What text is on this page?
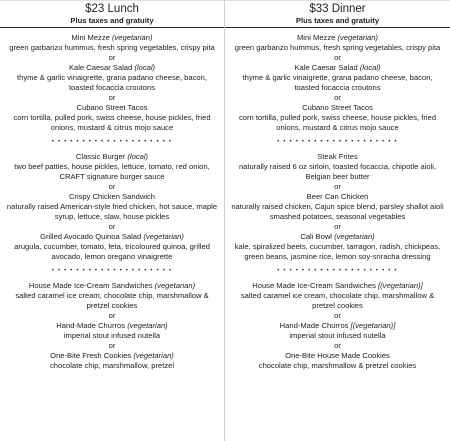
$23 Lunch
Plus taxes and gratuity
Mini Mezze (vegetarian)
green garbanzo hummus, fresh spring vegetables, crispy pita
or
Kale Caesar Salad (local)
thyme & garlic vinaigrette, grana padano cheese, bacon, toasted focaccia croutons
or
Cubano Street Tacos
corn tortilla, pulled pork, swiss cheese, house pickles, fried onions, mustard & citrus mojo sauce
• • • • • • • • • • • • • • • • • • • •
Classic Burger (local)
two beef patties, house pickles, lettuce, tomato, red onion, CRAFT signature burger sauce
or
Crispy Chicken Sandwich
naturally raised American-style fried chicken, hot sauce, maple syrup, lettuce, slaw, house pickles
or
Grilled Avocado Quinoa Salad (vegetarian)
arugula, cucumber, tomato, feta, tricoloured quinoa, grilled avocado, lemon oregano vinaigrette
• • • • • • • • • • • • • • • • • • • •
House Made Ice-Cream Sandwiches (vegetarian)
salted caramel ice cream, chocolate chip, marshmallow & pretzel cookies
or
Hand-Made Churros (vegetarian)
imperial stout infused nutella
or
One-Bite Fresh Cookies (vegetarian)
chocolate chip, marshmallow, pretzel
$33 Dinner
Plus taxes and gratuity
Mini Mezze (vegetarian)
green garbanzo hummus, fresh spring vegetables, crispy pita
or
Kale Caesar Salad (local)
thyme & garlic vinaigrette, grana padano cheese, bacon, toasted focaccia croutons
or
Cubano Street Tacos
corn tortilla, pulled pork, swiss cheese, house pickles, fried onions, mustard & citrus mojo sauce
• • • • • • • • • • • • • • • • • • • •
Steak Frites
naturally raised 6 oz sirloin, toasted focaccia, chipotle aioli, Belgian beer butter
or
Beer Can Chicken
naturally raised chicken, Cajun spice blend, parsley shallot aioli smashed potatoes, seasonal vegetables
or
Cali Bowl (vegetarian)
kale, spiralized beets, cucumber, tarragon, radish, chickpeas, green beans, jasmine rice, lemon soy-sriracha dressing
• • • • • • • • • • • • • • • • • • • •
House Made Ice-Cream Sandwiches [(vegetarian)]
salted caramel ice cream, chocolate chip, marshmallow & pretzel cookies
or
Hand-Made Churros [(vegetarian)]
imperial stout infused nutella
or
One-Bite House Made Cookies
chocolate chip, marshmallow & pretzel cookies
